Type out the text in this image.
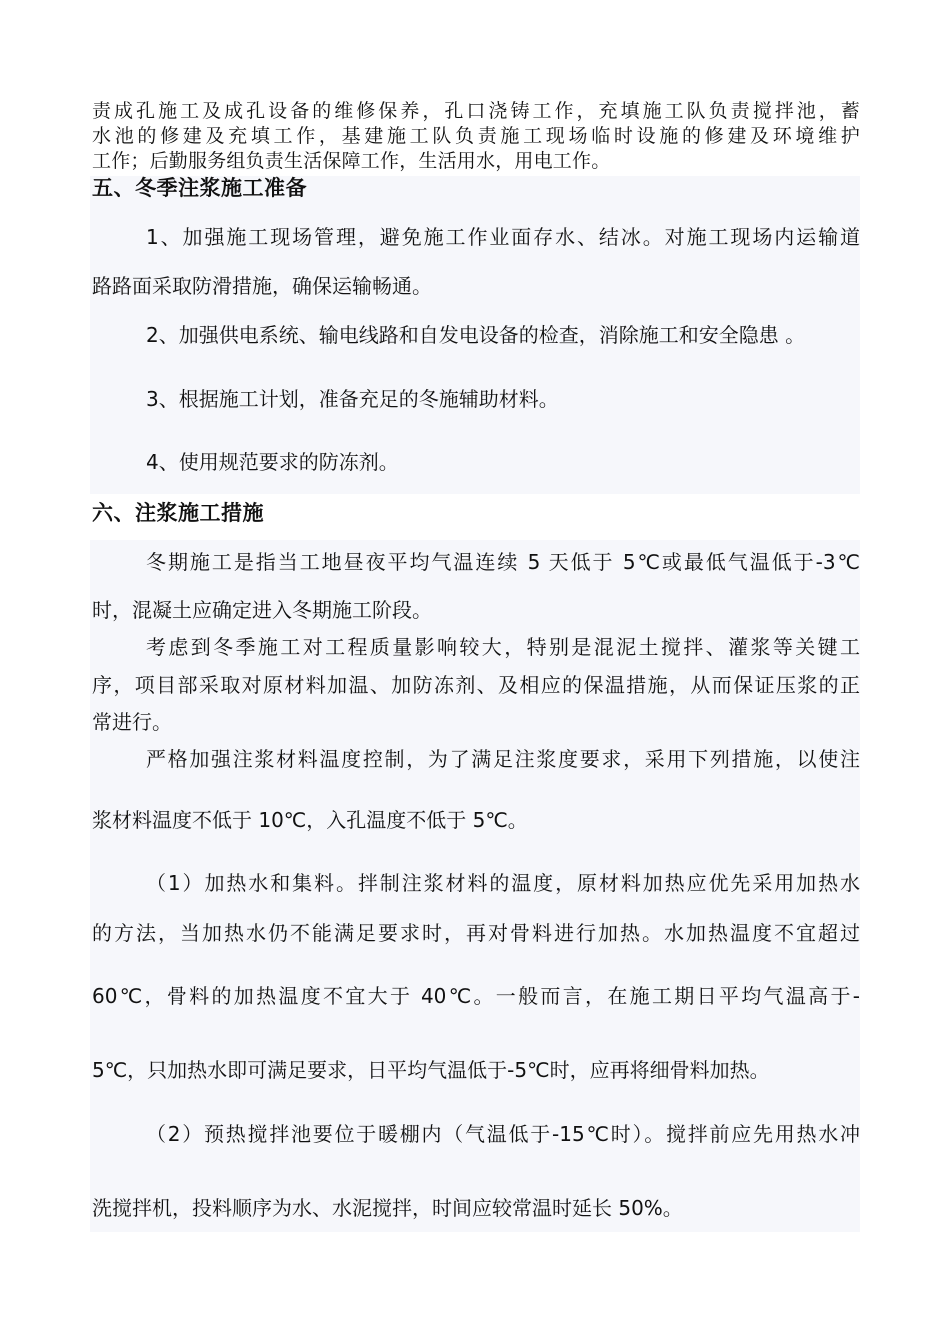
责成孔施工及成孔设备的维修保养，孔口浇铸工作，充填施工队负责搅拌池，蓄
水池的修建及充填工作，基建施工队负责施工现场临时设施的修建及环境维护
工作；后勤服务组负责生活保障工作，生活用水，用电工作。
五、冬季注浆施工准备
1、加强施工现场管理，避免施工作业面存水、结冰。对施工现场内运输道
路路面采取防滑措施，确保运输畅通。
2、加强供电系统、输电线路和自发电设备的检查，消除施工和安全隐患 。
3、根据施工计划，准备充足的冬施辅助材料。
4、使用规范要求的防冻剂。
六、注浆施工措施
冬期施工是指当工地昼夜平均气温连续 5 天低于 5℃或最低气温低于-3℃
时，混凝土应确定进入冬期施工阶段。
考虑到冬季施工对工程质量影响较大，特别是混泥土搅拌、灌浆等关键工
序，项目部采取对原材料加温、加防冻剂、及相应的保温措施，从而保证压浆的正
常进行。
严格加强注浆材料温度控制，为了满足注浆度要求，采用下列措施，以使注
浆材料温度不低于 10℃，入孔温度不低于 5℃。
（1）加热水和集料。拌制注浆材料的温度，原材料加热应优先采用加热水
的方法，当加热水仍不能满足要求时，再对骨料进行加热。水加热温度不宜超过
60℃，骨料的加热温度不宜大于 40℃。一般而言，在施工期日平均气温高于-
5℃，只加热水即可满足要求，日平均气温低于-5℃时，应再将细骨料加热。
（2）预热搅拌池要位于暖棚内（气温低于-15℃时）。搅拌前应先用热水冲
洗搅拌机，投料顺序为水、水泥搅拌，时间应较常温时延长 50%。
